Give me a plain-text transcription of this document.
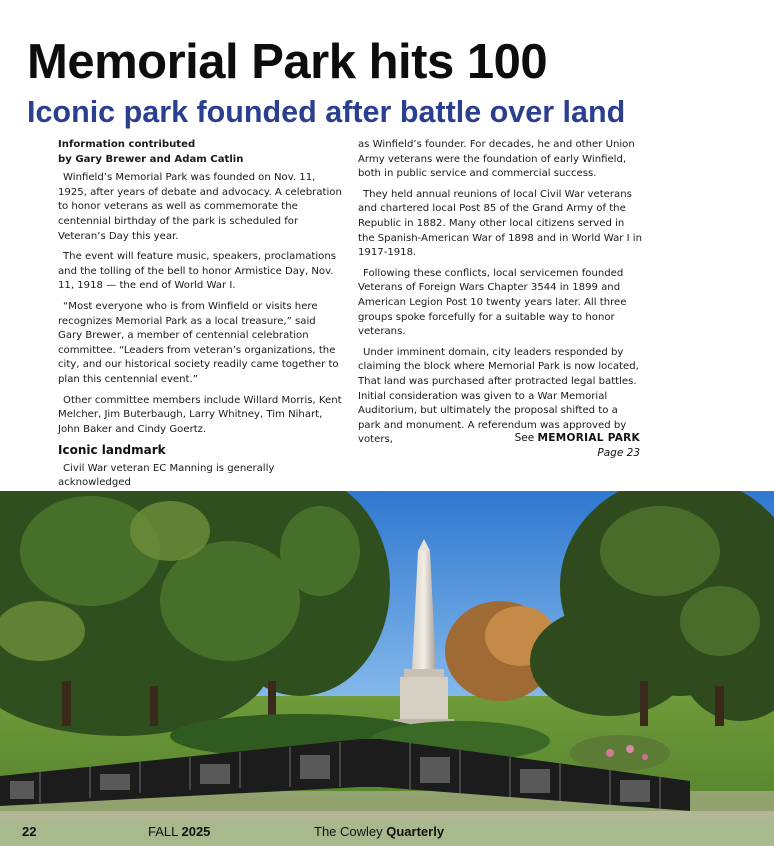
Memorial Park hits 100
Iconic park founded after battle over land
Information contributed
by Gary Brewer and Adam Catlin

Winfield’s Memorial Park was founded on Nov. 11, 1925, after years of debate and advocacy. A celebration to honor veterans as well as commemorate the centennial birthday of the park is scheduled for Veteran’s Day this year.

The event will feature music, speakers, proclamations and the tolling of the bell to honor Armistice Day, Nov. 11, 1918 — the end of World War I.

“Most everyone who is from Winfield or visits here recognizes Memorial Park as a local treasure,” said Gary Brewer, a member of centennial celebration committee. “Leaders from veteran’s organizations, the city, and our historical society readily came together to plan this centennial event.”

Other committee members include Willard Morris, Kent Melcher, Jim Buterbaugh, Larry Whitney, Tim Nihart, John Baker and Cindy Goertz.

Iconic landmark

Civil War veteran EC Manning is generally acknowledged

as Winfield’s founder. For decades, he and other Union Army veterans were the foundation of early Winfield, both in public service and commercial success.

They held annual reunions of local Civil War veterans and chartered local Post 85 of the Grand Army of the Republic in 1882. Many other local citizens served in the Spanish-American War of 1898 and in World War I in 1917-1918.

Following these conflicts, local servicemen founded Veterans of Foreign Wars Chapter 3544 in 1899 and American Legion Post 10 twenty years later. All three groups spoke forcefully for a suitable way to honor veterans.

Under imminent domain, city leaders responded by claiming the block where Memorial Park is now located, That land was purchased after protracted legal battles. Initial consideration was given to a War Memorial Auditorium, but ultimately the proposal shifted to a park and monument. A referendum was approved by voters,	See MEMORIAL PARK
Page 23
22	FALL 2025	The Cowley Quarterly
